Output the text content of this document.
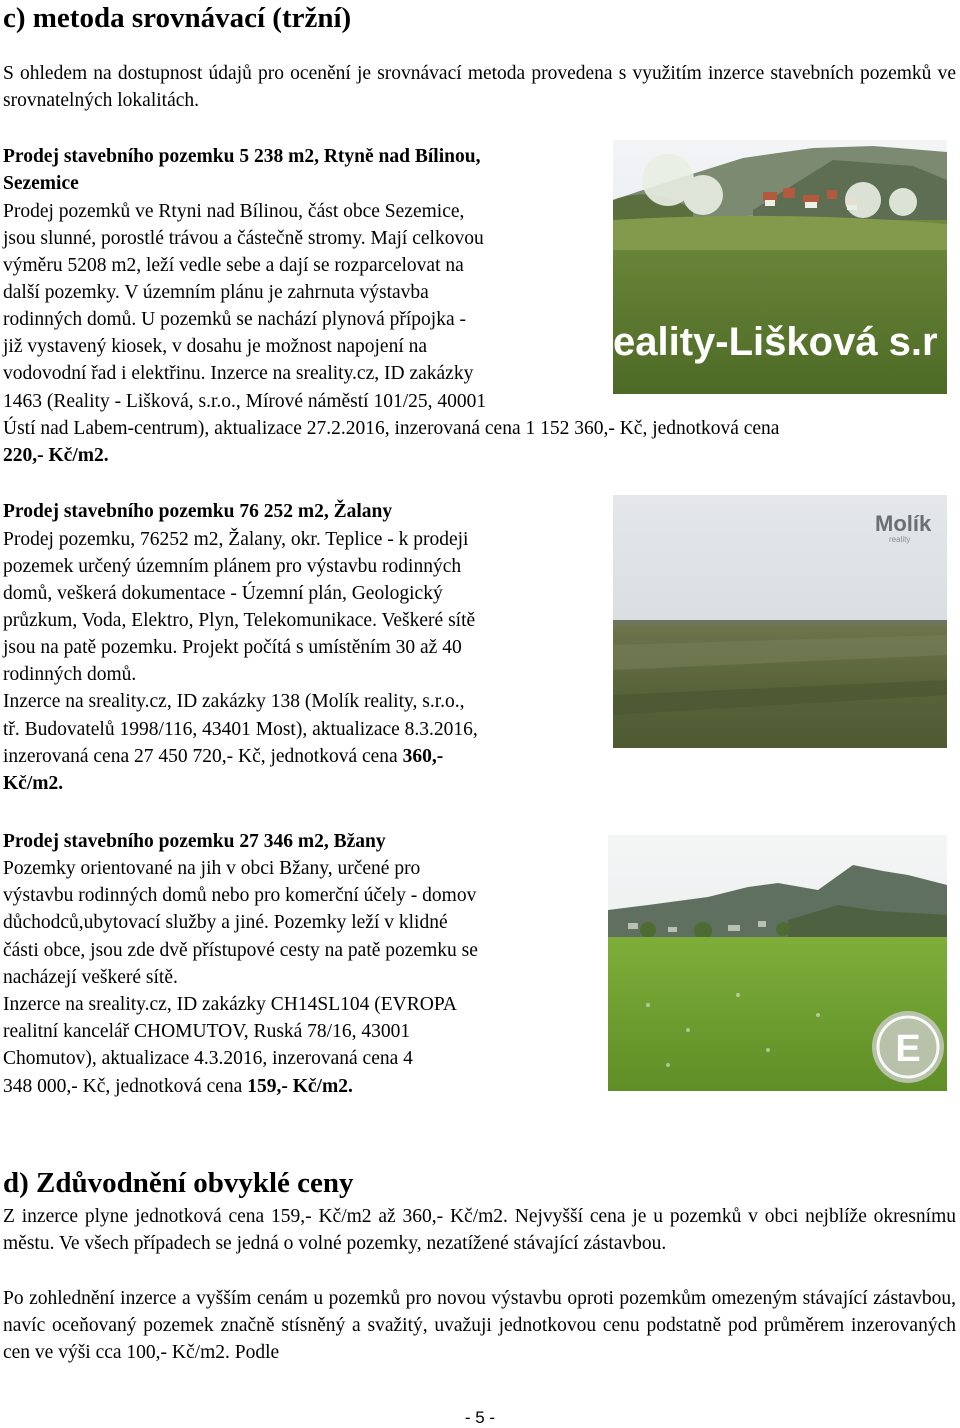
c) metoda srovnávací (tržní)

S ohledem na dostupnost údajů pro ocenění je srovnávací metoda provedena s využitím inzerce stavebních pozemků ve srovnatelných lokalitách.

Prodej stavebního pozemku 5 238 m2, Rtyně nad Bílinou,
Sezemice
Prodej pozemků ve Rtyni nad Bílinou, část obce Sezemice,
jsou slunné, porostlé trávou a částečně stromy. Mají celkovou
výměru 5208 m2, leží vedle sebe a dají se rozparcelovat na
další pozemky. V územním plánu je zahrnuta výstavba
rodinných domů. U pozemků se nachází plynová přípojka -
již vystavený kiosek, v dosahu je možnost napojení na
vodovodní řad i elektřinu. Inzerce na sreality.cz, ID zakázky
1463 (Reality - Lišková, s.r.o., Mírové náměstí 101/25, 40001
Ústí nad Labem-centrum), aktualizace 27.2.2016, inzerovaná cena 1 152 360,- Kč, jednotková cena
220,- Kč/m2.
eality-Lišková s.r
Prodej stavebního pozemku 76 252 m2, Žalany
Prodej pozemku, 76252 m2, Žalany, okr. Teplice - k prodeji
pozemek určený územním plánem pro výstavbu rodinných
domů, veškerá dokumentace - Územní plán, Geologický
průzkum, Voda, Elektro, Plyn, Telekomunikace. Veškeré sítě
jsou na patě pozemku. Projekt počítá s umístěním 30 až 40
rodinných domů.
Inzerce na sreality.cz, ID zakázky 138 (Molík reality, s.r.o.,
tř. Budovatelů 1998/116, 43401 Most), aktualizace 8.3.2016,
inzerovaná cena 27 450 720,- Kč, jednotková cena 360,-
Kč/m2.
Molík
reality
Prodej stavebního pozemku 27 346 m2, Bžany
Pozemky orientované na jih v obci Bžany, určené pro
výstavbu rodinných domů nebo pro komerční účely - domov
důchodců,ubytovací služby a jiné. Pozemky leží v klidné
části obce, jsou zde dvě přístupové cesty na patě pozemku se
nacházejí veškeré sítě.
Inzerce na sreality.cz, ID zakázky CH14SL104 (EVROPA
realitní kancelář CHOMUTOV, Ruská 78/16, 43001
Chomutov), aktualizace 4.3.2016, inzerovaná cena 4
348 000,- Kč, jednotková cena 159,- Kč/m2.
E
d) Zdůvodnění obvyklé ceny

Z inzerce plyne jednotková cena 159,- Kč/m2 až 360,- Kč/m2. Nejvyšší cena je u pozemků v obci nejblíže okresnímu městu. Ve všech případech se jedná o volné pozemky, nezatížené stávající zástavbou.

Po zohlednění inzerce a vyšším cenám u pozemků pro novou výstavbu oproti pozemkům omezeným stávající zástavbou, navíc oceňovaný pozemek značně stísněný a svažitý, uvažuji jednotkovou cenu podstatně pod průměrem inzerovaných cen ve výši cca 100,- Kč/m2. Podle

- 5 -
